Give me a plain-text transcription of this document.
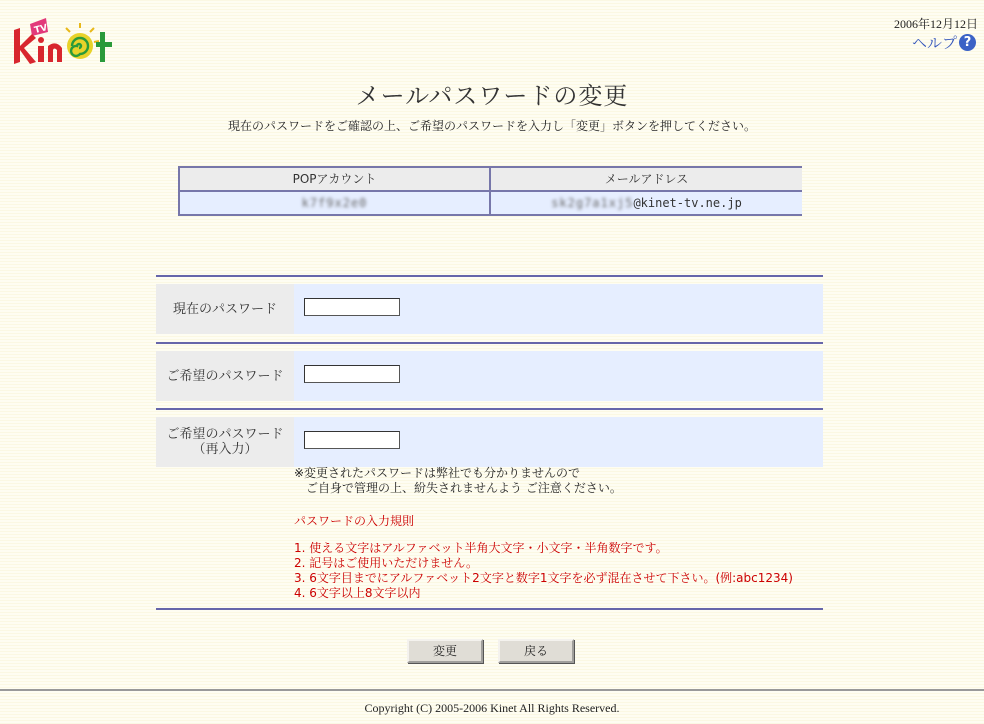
TV	2006年12月12日
ヘルプ ?
メールパスワードの変更
現在のパスワードをご確認の上、ご希望のパスワードを入力し「変更」ボタンを押してください。
POPアカウント	メールアドレス
k7f9x2e0	sk2g7a1xj5@kinet-tv.ne.jp
現在のパスワード
ご希望のパスワード
ご希望のパスワード
（再入力）
※変更されたパスワードは弊社でも分かりませんので
　ご自身で管理の上、紛失されませんよう ご注意ください。
パスワードの入力規則
1. 使える文字はアルファベット半角大文字・小文字・半角数字です。
2. 記号はご使用いただけません。
3. 6文字目までにアルファベット2文字と数字1文字を必ず混在させて下さい。(例:abc1234)
4. 6文字以上8文字以内
変更	戻る
Copyright (C) 2005-2006 Kinet All Rights Reserved.
